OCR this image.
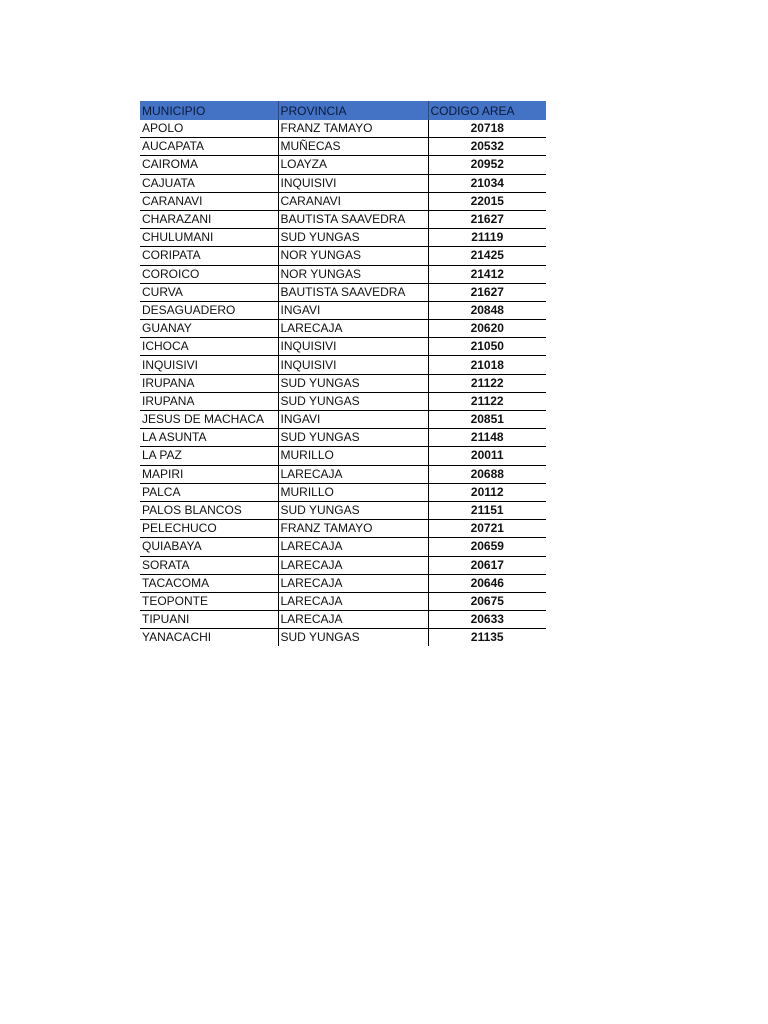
MUNICIPIO	PROVINCIA	CODIGO AREA
APOLO	FRANZ TAMAYO	20718
AUCAPATA	MUÑECAS	20532
CAIROMA	LOAYZA	20952
CAJUATA	INQUISIVI	21034
CARANAVI	CARANAVI	22015
CHARAZANI	BAUTISTA SAAVEDRA	21627
CHULUMANI	SUD YUNGAS	21119
CORIPATA	NOR YUNGAS	21425
COROICO	NOR YUNGAS	21412
CURVA	BAUTISTA SAAVEDRA	21627
DESAGUADERO	INGAVI	20848
GUANAY	LARECAJA	20620
ICHOCA	INQUISIVI	21050
INQUISIVI	INQUISIVI	21018
IRUPANA	SUD YUNGAS	21122
IRUPANA	SUD YUNGAS	21122
JESUS DE MACHACA	INGAVI	20851
LA ASUNTA	SUD YUNGAS	21148
LA PAZ	MURILLO	20011
MAPIRI	LARECAJA	20688
PALCA	MURILLO	20112
PALOS BLANCOS	SUD YUNGAS	21151
PELECHUCO	FRANZ TAMAYO	20721
QUIABAYA	LARECAJA	20659
SORATA	LARECAJA	20617
TACACOMA	LARECAJA	20646
TEOPONTE	LARECAJA	20675
TIPUANI	LARECAJA	20633
YANACACHI	SUD YUNGAS	21135
